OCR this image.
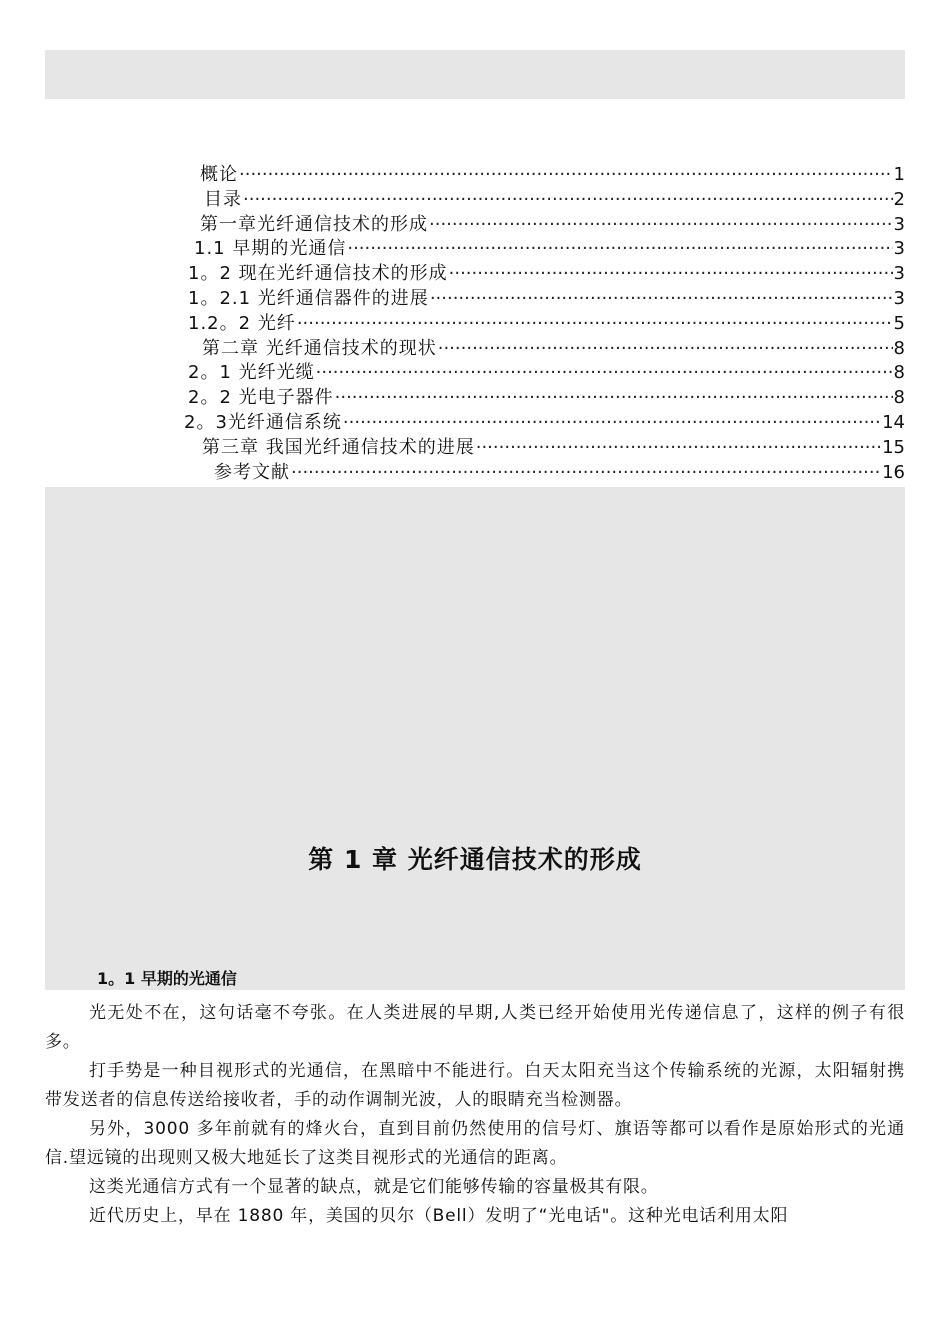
概论 ·····	1
目录 ·····	2
第一章光纤通信技术的形成 ·····	3
1.1 早期的光通信 ·····	3
1。2 现在光纤通信技术的形成 ·····	3
1。2.1 光纤通信器件的进展 ·····	3
1.2。2 光纤 ·····	5
第二章 光纤通信技术的现状 ·····	8
2。1 光纤光缆 ·····	8
2。2 光电子器件 ·····	8
2。3光纤通信系统 ·····	14
第三章 我国光纤通信技术的进展 ·····	15
参考文献 ·····	16
第 1 章 光纤通信技术的形成
1。1 早期的光通信

光无处不在，这句话毫不夸张。在人类进展的早期,人类已经开始使用光传递信息了，这样的例子有很多。

打手势是一种目视形式的光通信，在黑暗中不能进行。白天太阳充当这个传输系统的光源，太阳辐射携带发送者的信息传送给接收者，手的动作调制光波，人的眼睛充当检测器。

另外，3000 多年前就有的烽火台，直到目前仍然使用的信号灯、旗语等都可以看作是原始形式的光通信.望远镜的出现则又极大地延长了这类目视形式的光通信的距离。

这类光通信方式有一个显著的缺点，就是它们能够传输的容量极其有限。

近代历史上，早在 1880 年，美国的贝尔（Bell）发明了“光电话"。这种光电话利用太阳
